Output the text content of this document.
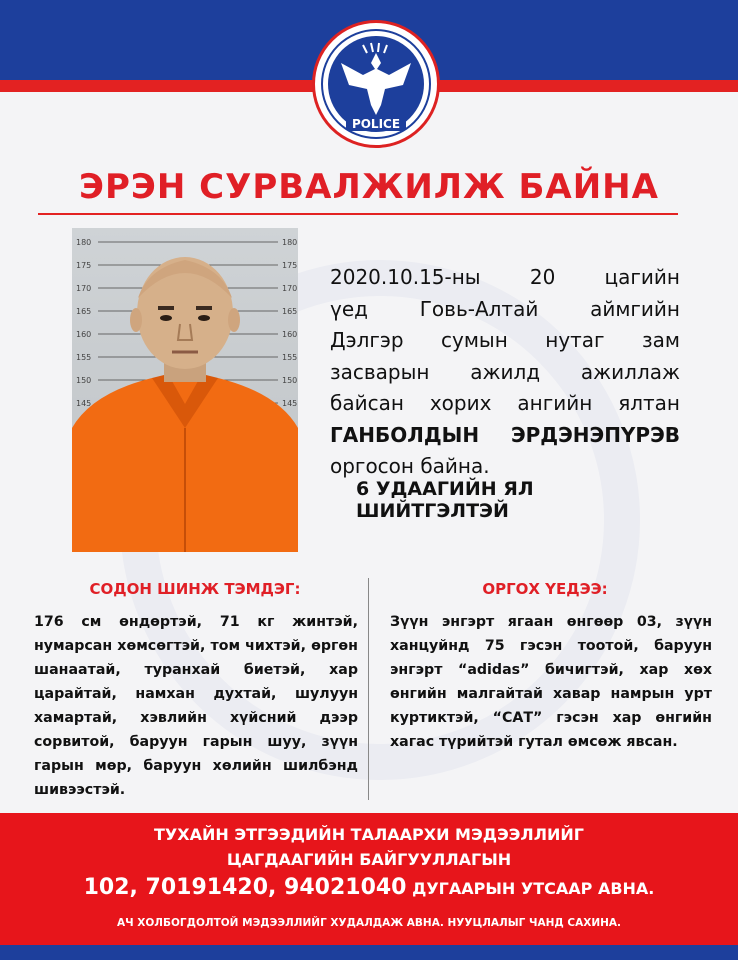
POLICE
ЭРЭН СУРВАЛЖИЛЖ БАЙНА
180
175
170
165
160
155
150
145
180
175
170
165
160
155
150
145
2020.10.15-ны 20 цагийн
үед Говь-Алтай аймгийн
Дэлгэр сумын нутаг зам
засварын ажилд ажиллаж
байсан хорих ангийн ялтан
ГАНБОЛДЫН ЭРДЭНЭПҮРЭВ
оргосон байна.
6 УДААГИЙН ЯЛ ШИЙТГЭЛТЭЙ
СОДОН ШИНЖ ТЭМДЭГ:
176 см өндөртэй, 71 кг жинтэй, нумарсан хөмсөгтэй, том чихтэй, өргөн шанаатай, туранхай биетэй, хар царайтай, намхан духтай, шулуун хамартай, хэвлийн хүйсний дээр сорвитой, баруун гарын шуу, зүүн гарын мөр, баруун хөлийн шилбэнд шивээстэй.
ОРГОХ ҮЕДЭЭ:
Зүүн энгэрт ягаан өнгөөр 03, зүүн ханцуйнд 75 гэсэн тоотой, баруун энгэрт “adidas” бичигтэй, хар хөх өнгийн малгайтай хавар намрын урт куртиктэй, “САТ” гэсэн хар өнгийн хагас түрийтэй гутал өмсөж явсан.
ТУХАЙН ЭТГЭЭДИЙН ТАЛААРХИ МЭДЭЭЛЛИЙГ
ЦАГДААГИЙН БАЙГУУЛЛАГЫН
102, 70191420, 94021040 ДУГААРЫН УТСААР АВНА.
АЧ ХОЛБОГДОЛТОЙ МЭДЭЭЛЛИЙГ ХУДАЛДАЖ АВНА. НУУЦЛАЛЫГ ЧАНД САХИНА.
